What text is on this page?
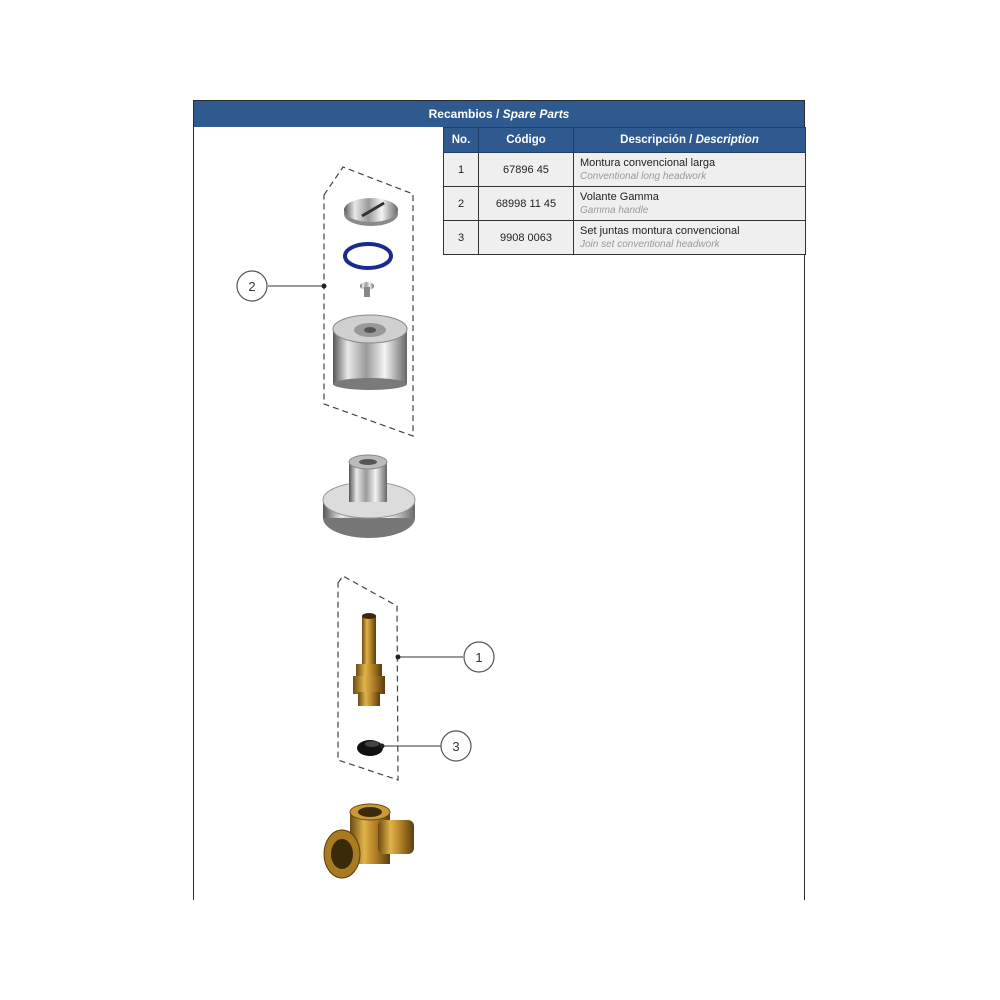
Recambios / Spare Parts
No.	Código	Descripción / Description
1	67896 45	Montura convencional larga
Conventional long headwork

2	68998 11 45	Volante Gamma
Gamma handle

3	9908 0063	Set juntas montura convencional
Join set conventional headwork
2
1
3
